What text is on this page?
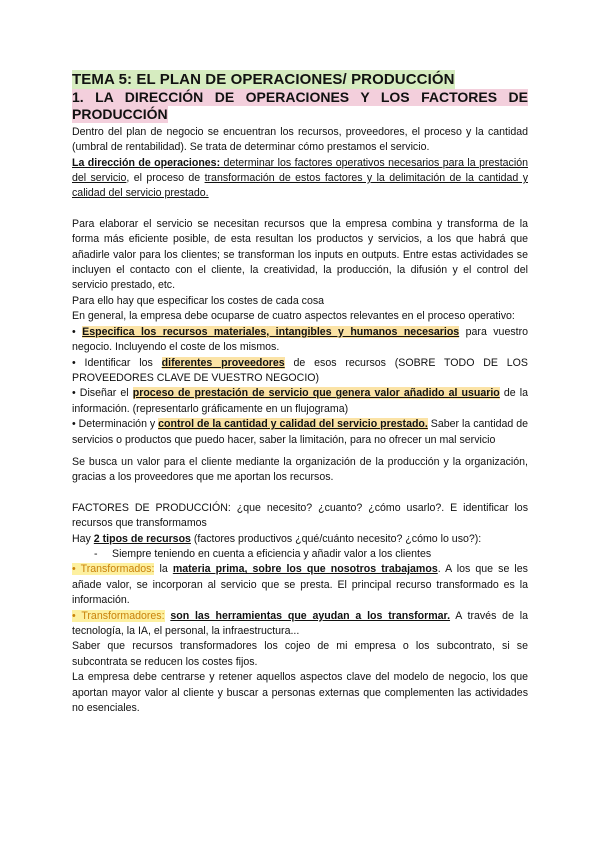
TEMA 5: EL PLAN DE OPERACIONES/ PRODUCCIÓN

1. LA DIRECCIÓN DE OPERACIONES Y LOS FACTORES DE

PRODUCCIÓN

Dentro del plan de negocio se encuentran los recursos, proveedores, el proceso y la cantidad (umbral de rentabilidad). Se trata de determinar cómo prestamos el servicio.

La dirección de operaciones: determinar los factores operativos necesarios para la prestación del servicio, el proceso de transformación de estos factores y la delimitación de la cantidad y calidad del servicio prestado.

Para elaborar el servicio se necesitan recursos que la empresa combina y transforma de la forma más eficiente posible, de esta resultan los productos y servicios, a los que habrá que añadirle valor para los clientes; se transforman los inputs en outputs. Entre estas actividades se incluyen el contacto con el cliente, la creatividad, la producción, la difusión y el control del servicio prestado, etc.

Para ello hay que especificar los costes de cada cosa

En general, la empresa debe ocuparse de cuatro aspectos relevantes en el proceso operativo:

• Especifica los recursos materiales, intangibles y humanos necesarios para vuestro negocio. Incluyendo el coste de los mismos.

• Identificar los diferentes proveedores de esos recursos (SOBRE TODO DE LOS PROVEEDORES CLAVE DE VUESTRO NEGOCIO)

• Diseñar el proceso de prestación de servicio que genera valor añadido al usuario de la información. (representarlo gráficamente en un flujograma)

• Determinación y control de la cantidad y calidad del servicio prestado. Saber la cantidad de servicios o productos que puedo hacer, saber la limitación, para no ofrecer un mal servicio

Se busca un valor para el cliente mediante la organización de la producción y la organización, gracias a los proveedores que me aportan los recursos.

FACTORES DE PRODUCCIÓN: ¿que necesito? ¿cuanto? ¿cómo usarlo?. E identificar los recursos que transformamos

Hay 2 tipos de recursos (factores productivos ¿qué/cuánto necesito? ¿cómo lo uso?):

- Siempre teniendo en cuenta a eficiencia y añadir valor a los clientes

• Transformados: la materia prima, sobre los que nosotros trabajamos. A los que se les añade valor, se incorporan al servicio que se presta. El principal recurso transformado es la información.

• Transformadores: son las herramientas que ayudan a los transformar. A través de la tecnología, la IA, el personal, la infraestructura...

Saber que recursos transformadores los cojeo de mi empresa o los subcontrato, si se subcontrata se reducen los costes fijos.

La empresa debe centrarse y retener aquellos aspectos clave del modelo de negocio, los que aportan mayor valor al cliente y buscar a personas externas que complementen las actividades no esenciales.
